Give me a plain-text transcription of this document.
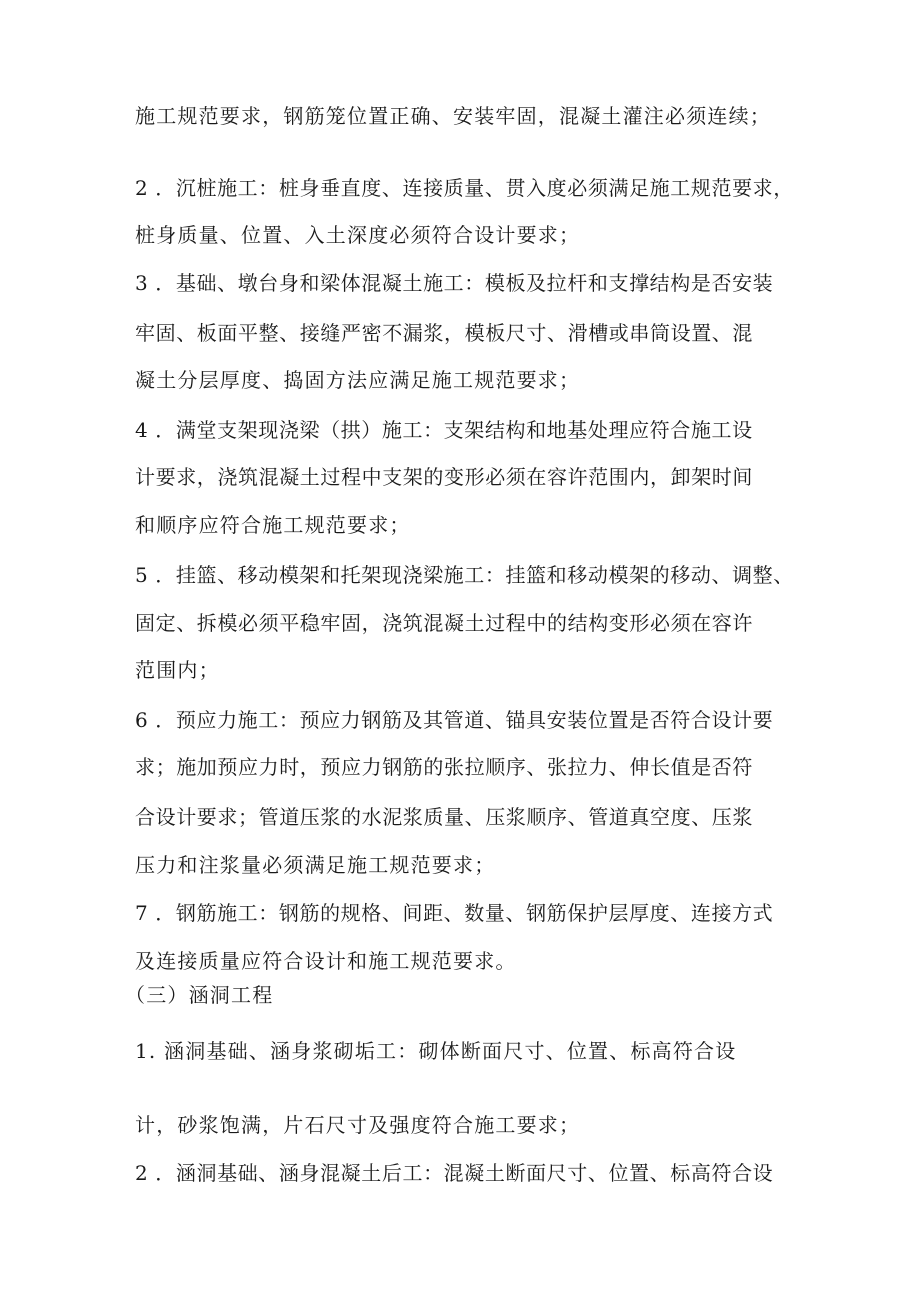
施工规范要求，钢筋笼位置正确、安装牢固，混凝土灌注必须连续；
2 ．沉桩施工：桩身垂直度、连接质量、贯入度必须满足施工规范要求，
桩身质量、位置、入土深度必须符合设计要求；
3 ．基础、墩台身和梁体混凝土施工：模板及拉杆和支撑结构是否安装
牢固、板面平整、接缝严密不漏浆，模板尺寸、滑槽或串筒设置、混
凝土分层厚度、捣固方法应满足施工规范要求；
4 ．满堂支架现浇梁（拱）施工：支架结构和地基处理应符合施工设
计要求，浇筑混凝土过程中支架的变形必须在容许范围内，卸架时间
和顺序应符合施工规范要求；
5 ．挂篮、移动模架和托架现浇梁施工：挂篮和移动模架的移动、调整、
固定、拆模必须平稳牢固，浇筑混凝土过程中的结构变形必须在容许
范围内；
6 ．预应力施工：预应力钢筋及其管道、锚具安装位置是否符合设计要
求；施加预应力时，预应力钢筋的张拉顺序、张拉力、伸长值是否符
合设计要求；管道压浆的水泥浆质量、压浆顺序、管道真空度、压浆
压力和注浆量必须满足施工规范要求；
7 ．钢筋施工：钢筋的规格、间距、数量、钢筋保护层厚度、连接方式
及连接质量应符合设计和施工规范要求。
（三）涵洞工程
1. 涵洞基础、涵身浆砌垢工：砌体断面尺寸、位置、标高符合设
计，砂浆饱满，片石尺寸及强度符合施工要求；
2 ．涵洞基础、涵身混凝土后工：混凝土断面尺寸、位置、标高符合设
